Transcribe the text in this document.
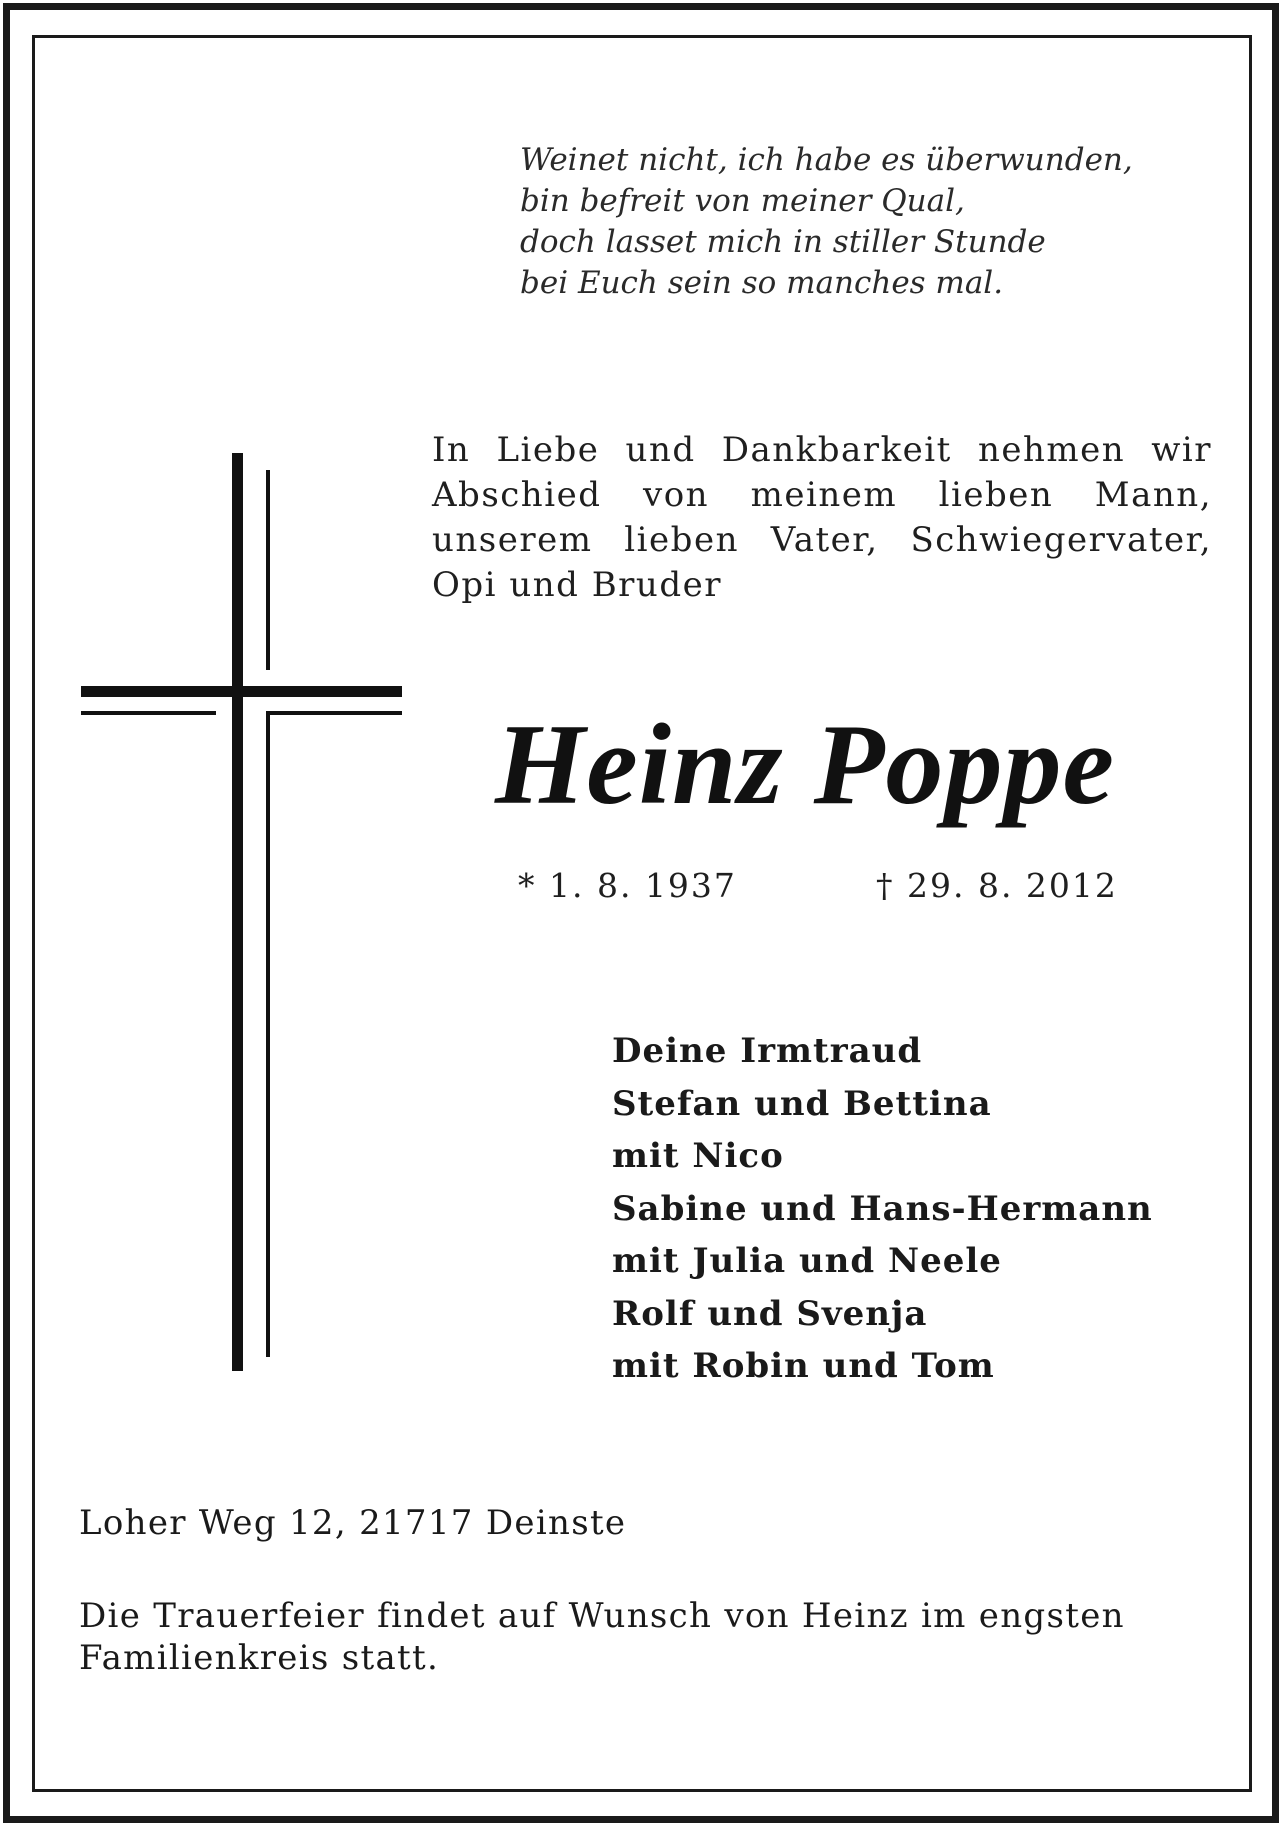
Weinet nicht, ich habe es überwunden,
bin befreit von meiner Qual,
doch lasset mich in stiller Stunde
bei Euch sein so manches mal.
In Liebe und Dankbarkeit nehmen wir
Abschied von meinem lieben Mann,
unserem lieben Vater, Schwiegervater,
Opi und Bruder
Heinz Poppe
* 1. 8. 1937	† 29. 8. 2012
Deine Irmtraud
Stefan und Bettina
mit Nico
Sabine und Hans-Hermann
mit Julia und Neele
Rolf und Svenja
mit Robin und Tom
Loher Weg 12, 21717 Deinste
Die Trauerfeier findet auf Wunsch von Heinz im engsten
Familienkreis statt.
